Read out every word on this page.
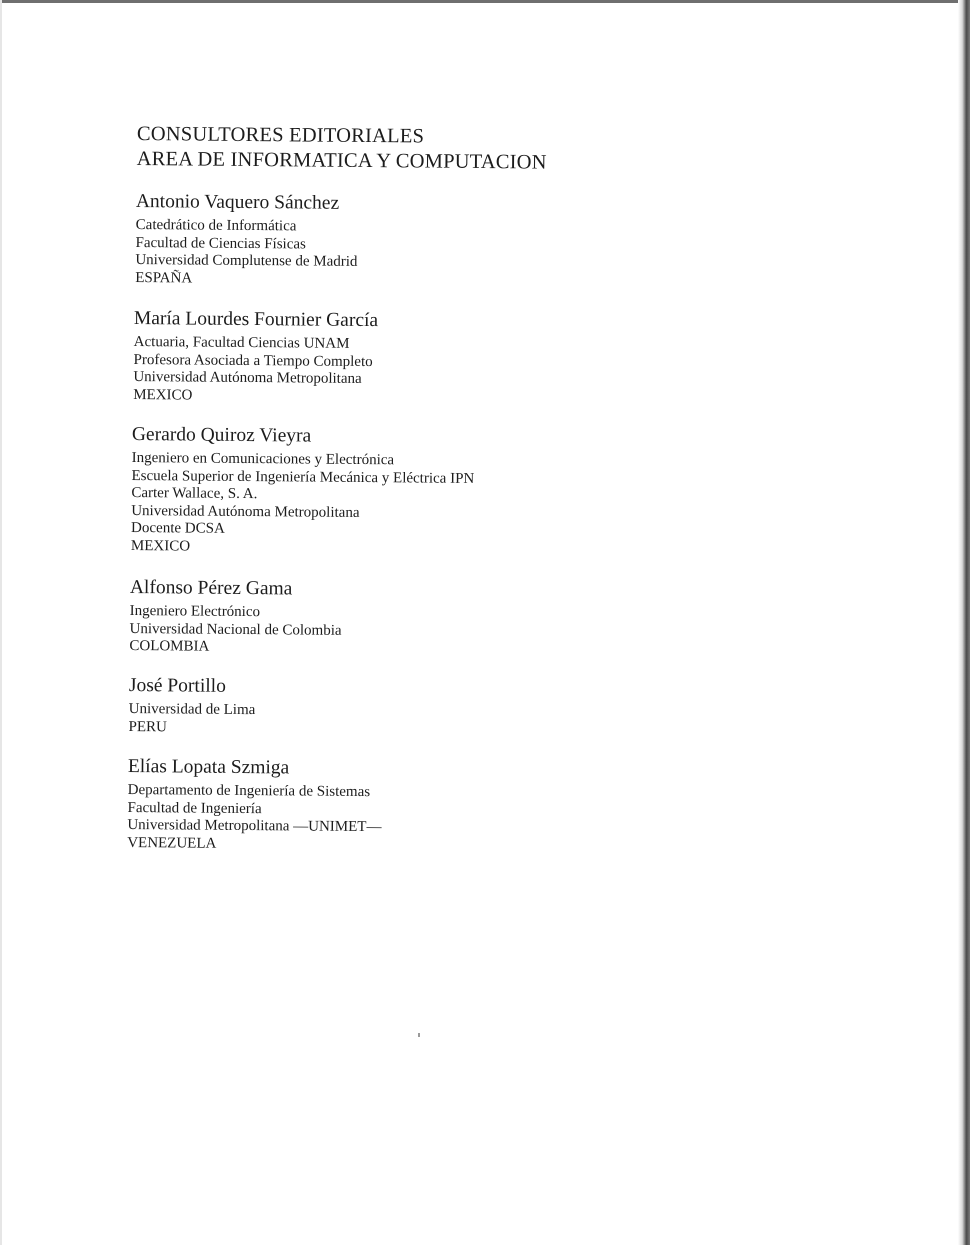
CONSULTORES EDITORIALES
AREA DE INFORMATICA Y COMPUTACION
Antonio Vaquero Sánchez
Catedrático de Informática
Facultad de Ciencias Físicas
Universidad Complutense de Madrid
ESPAÑA
María Lourdes Fournier García
Actuaria, Facultad Ciencias UNAM
Profesora Asociada a Tiempo Completo
Universidad Autónoma Metropolitana
MEXICO
Gerardo Quiroz Vieyra
Ingeniero en Comunicaciones y Electrónica
Escuela Superior de Ingeniería Mecánica y Eléctrica IPN
Carter Wallace, S. A.
Universidad Autónoma Metropolitana
Docente DCSA
MEXICO
Alfonso Pérez Gama
Ingeniero Electrónico
Universidad Nacional de Colombia
COLOMBIA
José Portillo
Universidad de Lima
PERU
Elías Lopata Szmiga
Departamento de Ingeniería de Sistemas
Facultad de Ingeniería
Universidad Metropolitana —UNIMET—
VENEZUELA
